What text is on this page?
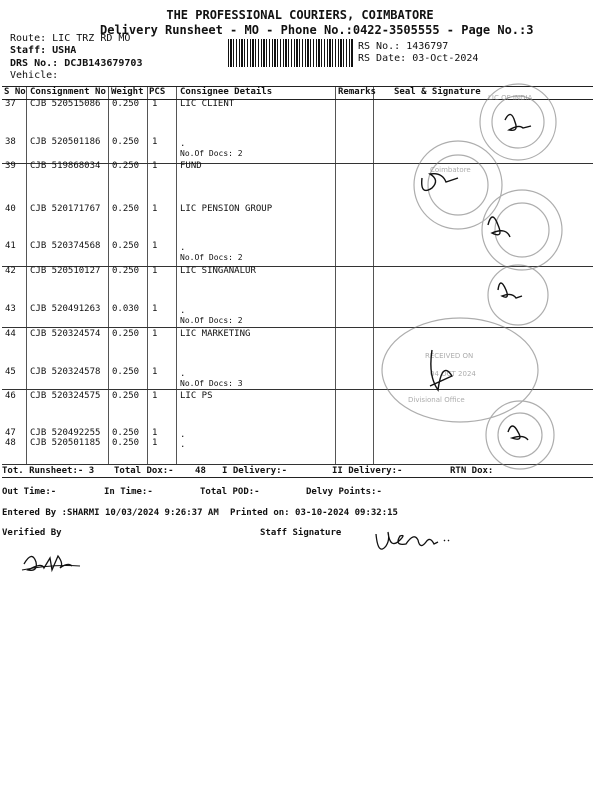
THE PROFESSIONAL COURIERS, COIMBATORE
Delivery Runsheet - MO - Phone No.:0422-3505555 - Page No.:3
Route: LIC TRZ RD MO
Staff: USHA
DRS No.: DCJB143679703
Vehicle:
RS No.: 1436797
RS Date: 03-Oct-2024
S No Consignment No Weight PCS Consignee Details	Remarks Seal & Signature
37 CJB 520515086 0.250 1	LIC CLIENT
38 CJB 520501186 0.250 1	.
No.Of Docs: 2
39 CJB 519868034 0.250 1	FUND
40 CJB 520171767 0.250 1	LIC PENSION GROUP
41 CJB 520374568 0.250 1	.
No.Of Docs: 2
42 CJB 520510127 0.250 1	LIC SINGANALUR
43 CJB 520491263 0.030 1	.
No.Of Docs: 2
44 CJB 520324574 0.250 1	LIC MARKETING
45 CJB 520324578 0.250 1	.
No.Of Docs: 3
46 CJB 520324575 0.250 1	LIC PS
47 CJB 520492255 0.250 1	.
48 CJB 520501185 0.250 1	.
LIC OF INDIA
Coimbatore
RECEIVED ON
04 OCT 2024
Divisional Office
Tot. Runsheet:- 3 Total Dox:- 48 I Delivery:-	II Delivery:-	RTN Dox:
Out Time:-	In Time:-	Total POD:-	Delvy Points:-
Entered By :SHARMI 10/03/2024 9:26:37 AM Printed on: 03-10-2024 09:32:15
Verified By	Staff Signature
